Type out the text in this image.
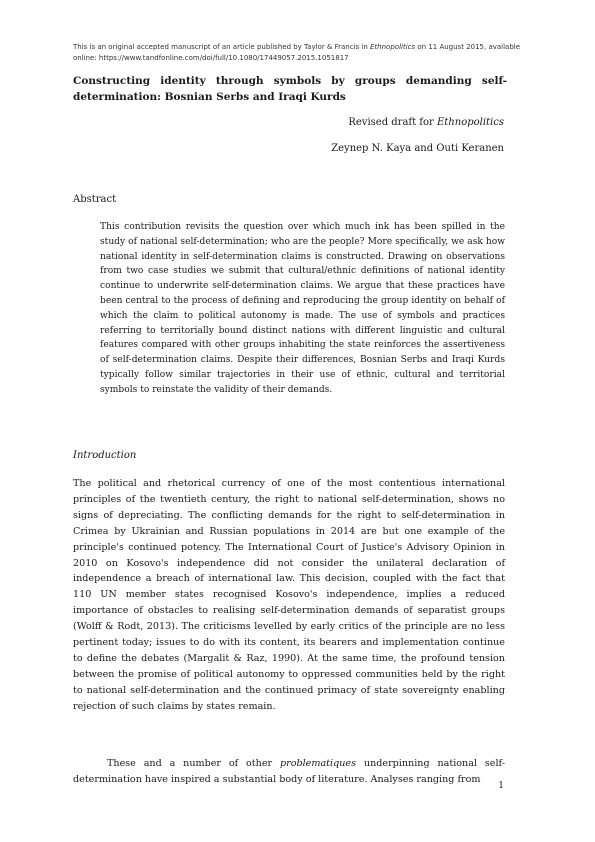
This is an original accepted manuscript of an article published by Taylor & Francis in Ethnopolitics on 11 August 2015, available online: https://www.tandfonline.com/doi/full/10.1080/17449057.2015.1051817
Constructing identity through symbols by groups demanding self-determination: Bosnian Serbs and Iraqi Kurds
Revised draft for Ethnopolitics
Zeynep N. Kaya and Outi Keranen
Abstract

This contribution revisits the question over which much ink has been spilled in the study of national self-determination; who are the people? More specifically, we ask how national identity in self-determination claims is constructed. Drawing on observations from two case studies we submit that cultural/ethnic definitions of national identity continue to underwrite self-determination claims. We argue that these practices have been central to the process of defining and reproducing the group identity on behalf of which the claim to political autonomy is made. The use of symbols and practices referring to territorially bound distinct nations with different linguistic and cultural features compared with other groups inhabiting the state reinforces the assertiveness of self-determination claims. Despite their differences, Bosnian Serbs and Iraqi Kurds typically follow similar trajectories in their use of ethnic, cultural and territorial symbols to reinstate the validity of their demands.

Introduction

The political and rhetorical currency of one of the most contentious international principles of the twentieth century, the right to national self-determination, shows no signs of depreciating. The conflicting demands for the right to self-determination in Crimea by Ukrainian and Russian populations in 2014 are but one example of the principle's continued potency. The International Court of Justice's Advisory Opinion in 2010 on Kosovo's independence did not consider the unilateral declaration of independence a breach of international law. This decision, coupled with the fact that 110 UN member states recognised Kosovo's independence, implies a reduced importance of obstacles to realising self-determination demands of separatist groups (Wolff & Rodt, 2013). The criticisms levelled by early critics of the principle are no less pertinent today; issues to do with its content, its bearers and implementation continue to define the debates (Margalit & Raz, 1990). At the same time, the profound tension between the promise of political autonomy to oppressed communities held by the right to national self-determination and the continued primacy of state sovereignty enabling rejection of such claims by states remain.

These and a number of other problematiques underpinning national self-determination have inspired a substantial body of literature. Analyses ranging from

1
